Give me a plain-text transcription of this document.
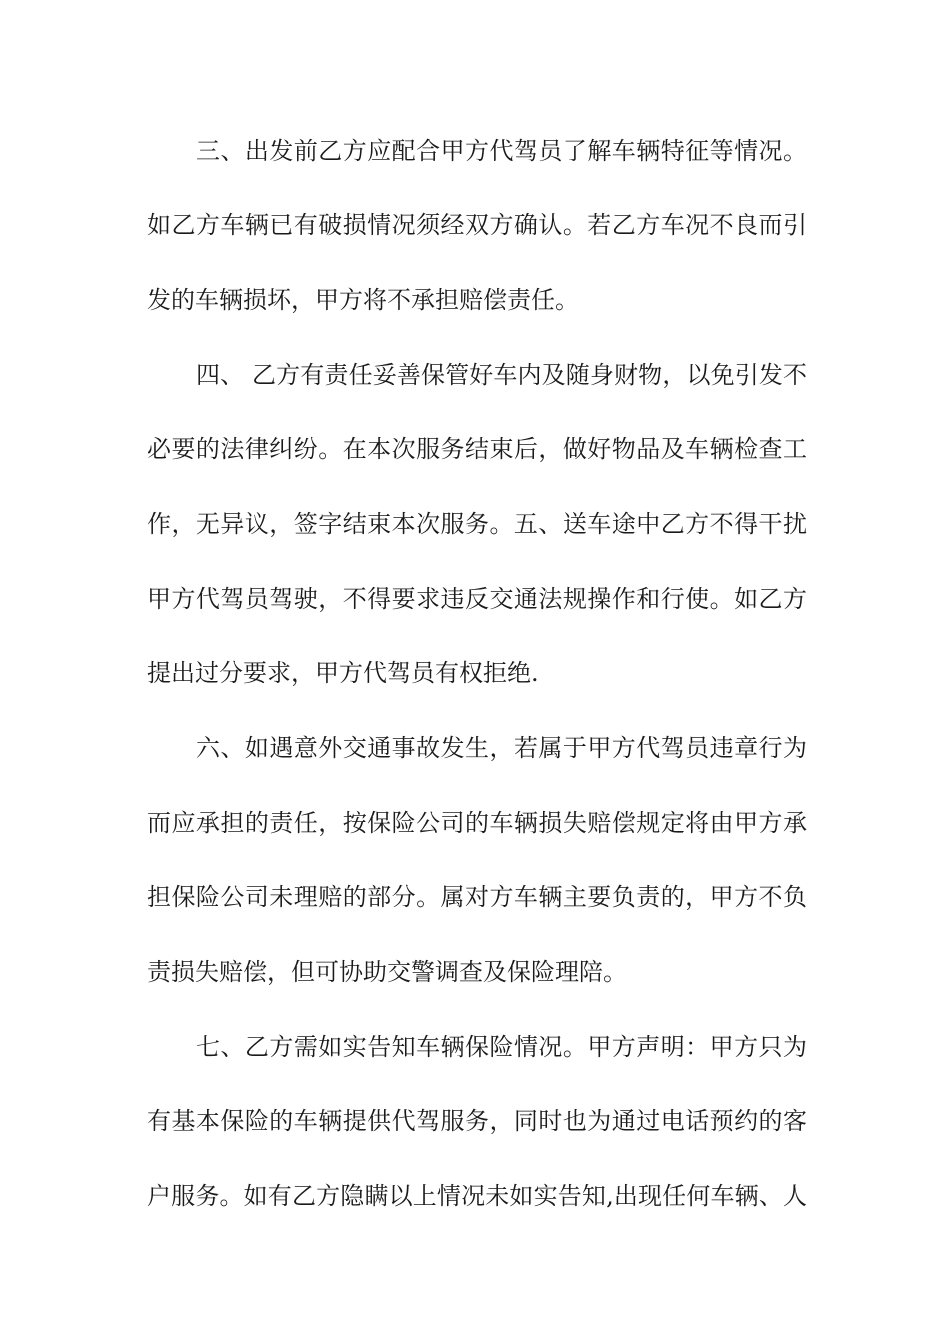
三、出发前乙方应配合甲方代驾员了解车辆特征等情况。
如乙方车辆已有破损情况须经双方确认。若乙方车况不良而引
发的车辆损坏，甲方将不承担赔偿责任。
四、 乙方有责任妥善保管好车内及随身财物，以免引发不
必要的法律纠纷。在本次服务结束后，做好物品及车辆检查工
作，无异议，签字结束本次服务。五、送车途中乙方不得干扰
甲方代驾员驾驶，不得要求违反交通法规操作和行使。如乙方
提出过分要求，甲方代驾员有权拒绝.
六、如遇意外交通事故发生，若属于甲方代驾员违章行为
而应承担的责任，按保险公司的车辆损失赔偿规定将由甲方承
担保险公司未理赔的部分。属对方车辆主要负责的，甲方不负
责损失赔偿，但可协助交警调查及保险理陪。
七、乙方需如实告知车辆保险情况。甲方声明：甲方只为
有基本保险的车辆提供代驾服务，同时也为通过电话预约的客
户服务。如有乙方隐瞒以上情况未如实告知,出现任何车辆、人
